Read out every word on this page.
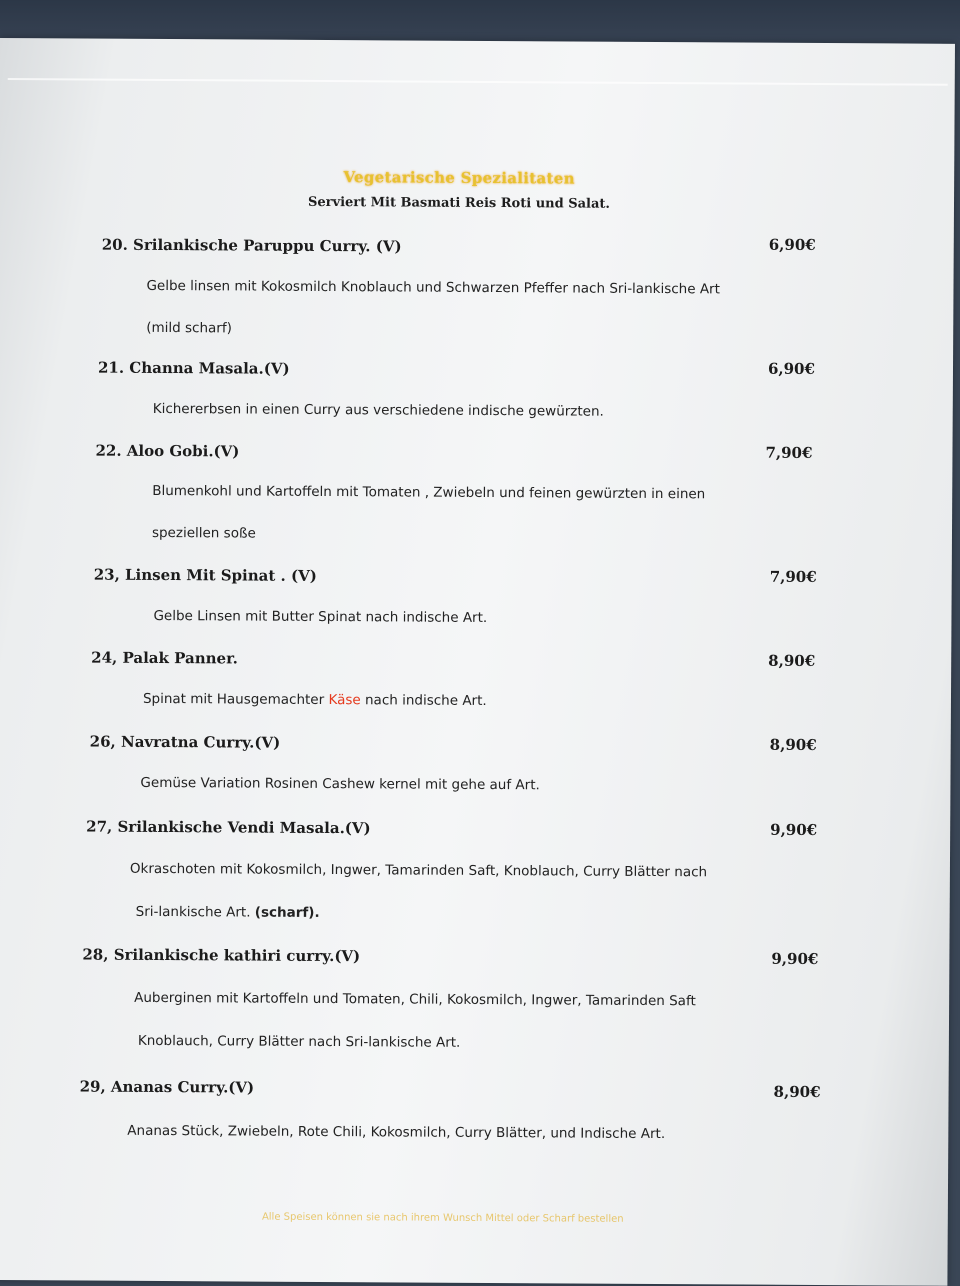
Vegetarische Spezialitaten
Serviert Mit Basmati Reis Roti und Salat.
20. Srilankische Paruppu Curry. (V)	6,90€
Gelbe linsen mit Kokosmilch Knoblauch und Schwarzen Pfeffer nach Sri-lankische Art
(mild scharf)
21. Channa Masala.(V)	6,90€
Kichererbsen in einen Curry aus verschiedene indische gewürzten.
22. Aloo Gobi.(V)	7,90€
Blumenkohl und Kartoffeln mit Tomaten , Zwiebeln und feinen gewürzten in einen
speziellen soße
23, Linsen Mit Spinat . (V)	7,90€
Gelbe Linsen mit Butter Spinat nach indische Art.
24, Palak Panner.	8,90€
Spinat mit Hausgemachter Käse nach indische Art.
26, Navratna Curry.(V)	8,90€
Gemüse Variation Rosinen Cashew kernel mit gehe auf Art.
27, Srilankische Vendi Masala.(V)	9,90€
Okraschoten mit Kokosmilch, Ingwer, Tamarinden Saft, Knoblauch, Curry Blätter nach
Sri-lankische Art. (scharf).
28, Srilankische kathiri curry.(V)	9,90€
Auberginen mit Kartoffeln und Tomaten, Chili, Kokosmilch, Ingwer, Tamarinden Saft
Knoblauch, Curry Blätter nach Sri-lankische Art.
29, Ananas Curry.(V)	8,90€
Ananas Stück, Zwiebeln, Rote Chili, Kokosmilch, Curry Blätter, und Indische Art.
Alle Speisen können sie nach ihrem Wunsch Mittel oder Scharf bestellen
